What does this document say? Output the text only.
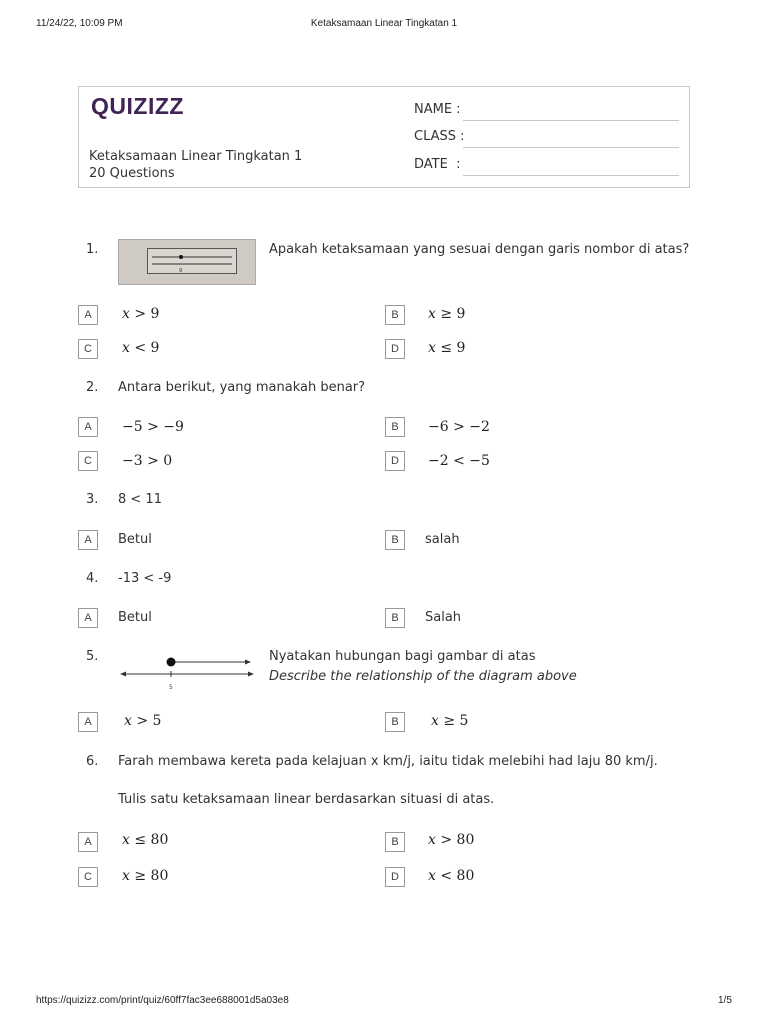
11/24/22, 10:09 PM	Ketaksamaan Linear Tingkatan 1
QUIZIZZ
Ketaksamaan Linear Tingkatan 1
20 Questions
NAME :
CLASS :
DATE  :
1.
9
Apakah ketaksamaan yang sesuai dengan garis nombor di atas?
A	x > 9	B	x ≥ 9
C	x < 9	D	x ≤ 9
2. Antara berikut, yang manakah benar?
A	−5 > −9	B	−6 > −2
C	−3 > 0	D	−2 < −5
3. 8 < 11
A	Betul	B	salah
4. -13 < -9
A	Betul	B	Salah
5.
5
Nyatakan hubungan bagi gambar di atas
Describe the relationship of the diagram above
A	x > 5	B	x ≥ 5
6. Farah membawa kereta pada kelajuan x km/j, iaitu tidak melebihi had laju 80 km/j.
Tulis satu ketaksamaan linear berdasarkan situasi di atas.
A	x ≤ 80	B	x > 80
C	x ≥ 80	D	x < 80
https://quizizz.com/print/quiz/60ff7fac3ee688001d5a03e8	1/5
